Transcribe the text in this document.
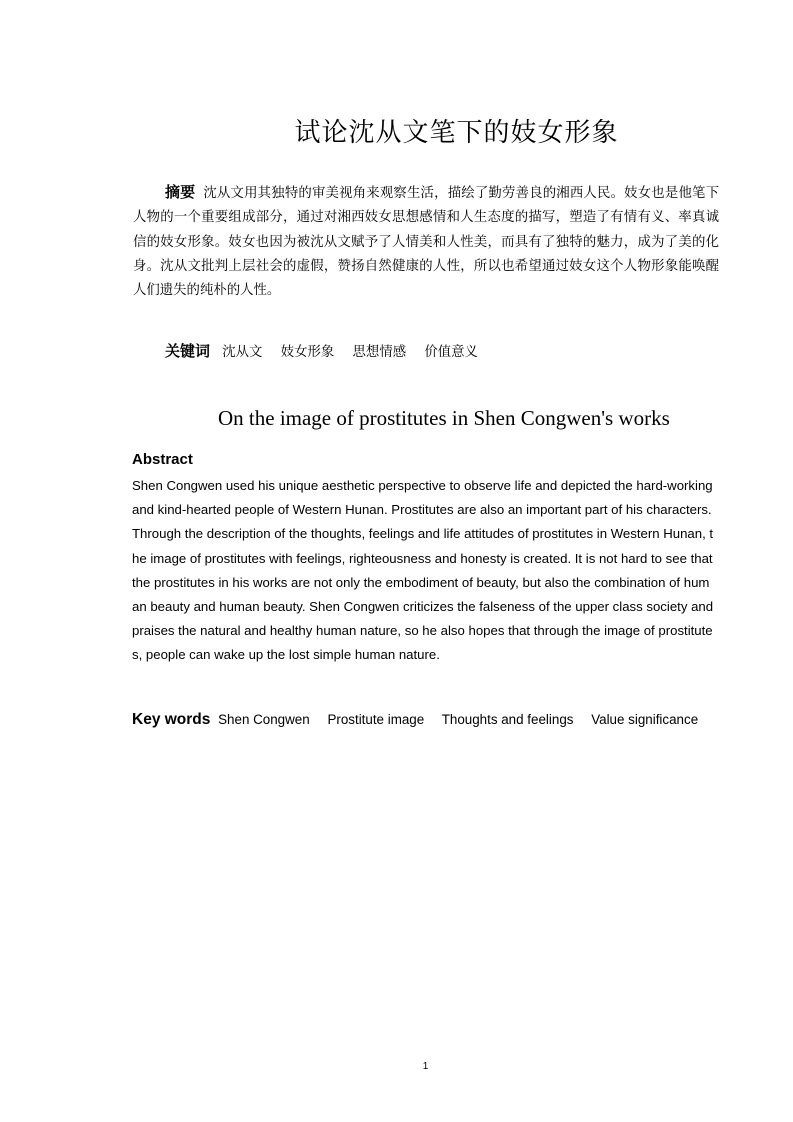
试论沈从文笔下的妓女形象

摘要 沈从文用其独特的审美视角来观察生活，描绘了勤劳善良的湘西人民。妓女也是他笔下人物的一个重要组成部分，通过对湘西妓女思想感情和人生态度的描写，塑造了有情有义、率真诚信的妓女形象。妓女也因为被沈从文赋予了人情美和人性美，而具有了独特的魅力，成为了美的化身。沈从文批判上层社会的虚假，赞扬自然健康的人性，所以也希望通过妓女这个人物形象能唤醒人们遗失的纯朴的人性。

关键词 沈从文 妓女形象 思想情感 价值意义
On the image of prostitutes in Shen Congwen's works
Abstract

Shen Congwen used his unique aesthetic perspective to observe life and depicted the hard-working and kind-hearted people of Western Hunan. Prostitutes are also an important part of his characters. Through the description of the thoughts, feelings and life attitudes of prostitutes in Western Hunan, the image of prostitutes with feelings, righteousness and honesty is created. It is not hard to see that the prostitutes in his works are not only the embodiment of beauty, but also the combination of human beauty and human beauty. Shen Congwen criticizes the falseness of the upper class society and praises the natural and healthy human nature, so he also hopes that through the image of prostitutes, people can wake up the lost simple human nature.

Key words Shen Congwen Prostitute image Thoughts and feelings Value significance
1
